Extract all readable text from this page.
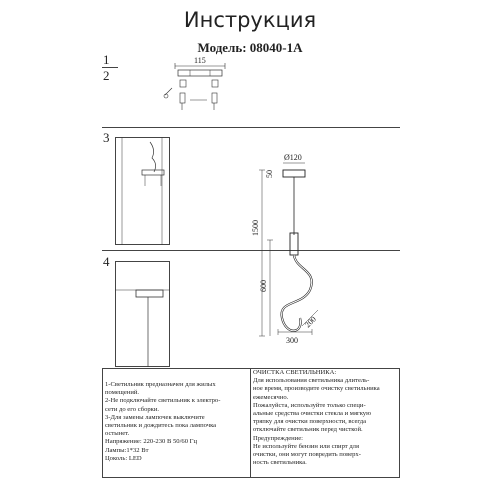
Инструкция
Модель: 08040-1A
1
2
3
4
115
Ø120
50
1500
600
300
200
1-Светильник предназначен для жилых
помещений.
2-Не подключайте светильник к электро-
сети до его сборки.
3-Для замены лампочек выключите
светильник и дождитесь пока лампочка
остынет.
Напряжение: 220-230 В 50/60 Гц
Лампы:1*32 Вт
Цоколь: LED
ОЧИСТКА СВЕТИЛЬНИКА:
Для использования светильника длитель-
ное время, производите очистку светильника
ежемесячно.
Пожалуйста, используйте только специ-
альные средства очистки стекла и мягкую
тряпку для очистки поверхности, всегда
отключайте светильник перед чисткой.
Предупреждение:
Не используйте бензин или спирт для
очистки, они могут повредить поверх-
ность светильника.
